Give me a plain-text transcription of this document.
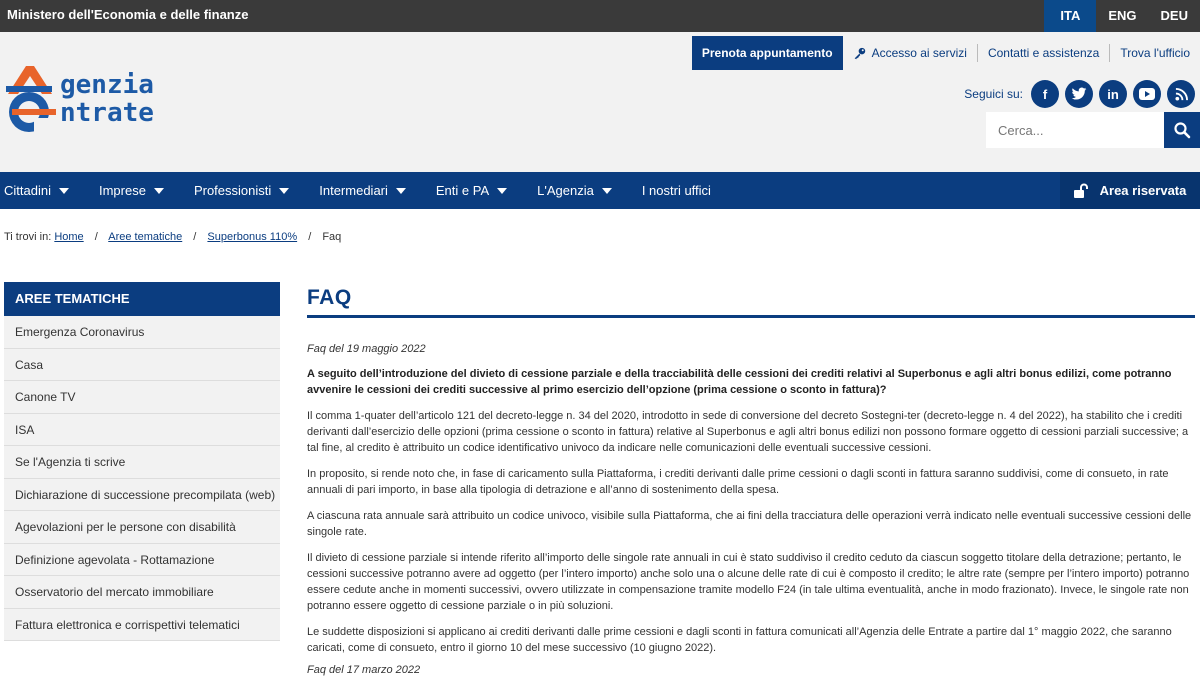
Ministero dell'Economia e delle finanze	ITA	ENG	DEU
Prenota appuntamento	Accesso ai servizi	Contatti e assistenza	Trova l'ufficio
genzia
ntrate
Seguici su:	f	in
Cerca...
Cittadini	Imprese	Professionisti	Intermediari	Enti e PA	L'Agenzia	I nostri uffici	Area riservata
Ti trovi in: Home / Aree tematiche / Superbonus 110% / Faq
AREE TEMATICHE
Emergenza Coronavirus
Casa
Canone TV
ISA
Se l'Agenzia ti scrive
Dichiarazione di successione precompilata (web)
Agevolazioni per le persone con disabilità
Definizione agevolata - Rottamazione
Osservatorio del mercato immobiliare
Fattura elettronica e corrispettivi telematici
FAQ
Faq del 19 maggio 2022
A seguito dell’introduzione del divieto di cessione parziale e della tracciabilità delle cessioni dei crediti relativi al Superbonus e agli altri bonus edilizi, come potranno avvenire le cessioni dei crediti successive al primo esercizio dell’opzione (prima cessione o sconto in fattura)?

Il comma 1-quater dell’articolo 121 del decreto-legge n. 34 del 2020, introdotto in sede di conversione del decreto Sostegni-ter (decreto-legge n. 4 del 2022), ha stabilito che i crediti derivanti dall’esercizio delle opzioni (prima cessione o sconto in fattura) relative al Superbonus e agli altri bonus edilizi non possono formare oggetto di cessioni parziali successive; a tal fine, al credito è attribuito un codice identificativo univoco da indicare nelle comunicazioni delle eventuali successive cessioni.

In proposito, si rende noto che, in fase di caricamento sulla Piattaforma, i crediti derivanti dalle prime cessioni o dagli sconti in fattura saranno suddivisi, come di consueto, in rate annuali di pari importo, in base alla tipologia di detrazione e all’anno di sostenimento della spesa.

A ciascuna rata annuale sarà attribuito un codice univoco, visibile sulla Piattaforma, che ai fini della tracciatura delle operazioni verrà indicato nelle eventuali successive cessioni delle singole rate.

Il divieto di cessione parziale si intende riferito all’importo delle singole rate annuali in cui è stato suddiviso il credito ceduto da ciascun soggetto titolare della detrazione; pertanto, le cessioni successive potranno avere ad oggetto (per l’intero importo) anche solo una o alcune delle rate di cui è composto il credito; le altre rate (sempre per l’intero importo) potranno essere cedute anche in momenti successivi, ovvero utilizzate in compensazione tramite modello F24 (in tale ultima eventualità, anche in modo frazionato). Invece, le singole rate non potranno essere oggetto di cessione parziale o in più soluzioni.

Le suddette disposizioni si applicano ai crediti derivanti dalle prime cessioni e dagli sconti in fattura comunicati all’Agenzia delle Entrate a partire dal 1° maggio 2022, che saranno caricati, come di consueto, entro il giorno 10 del mese successivo (10 giugno 2022).

Faq del 17 marzo 2022
